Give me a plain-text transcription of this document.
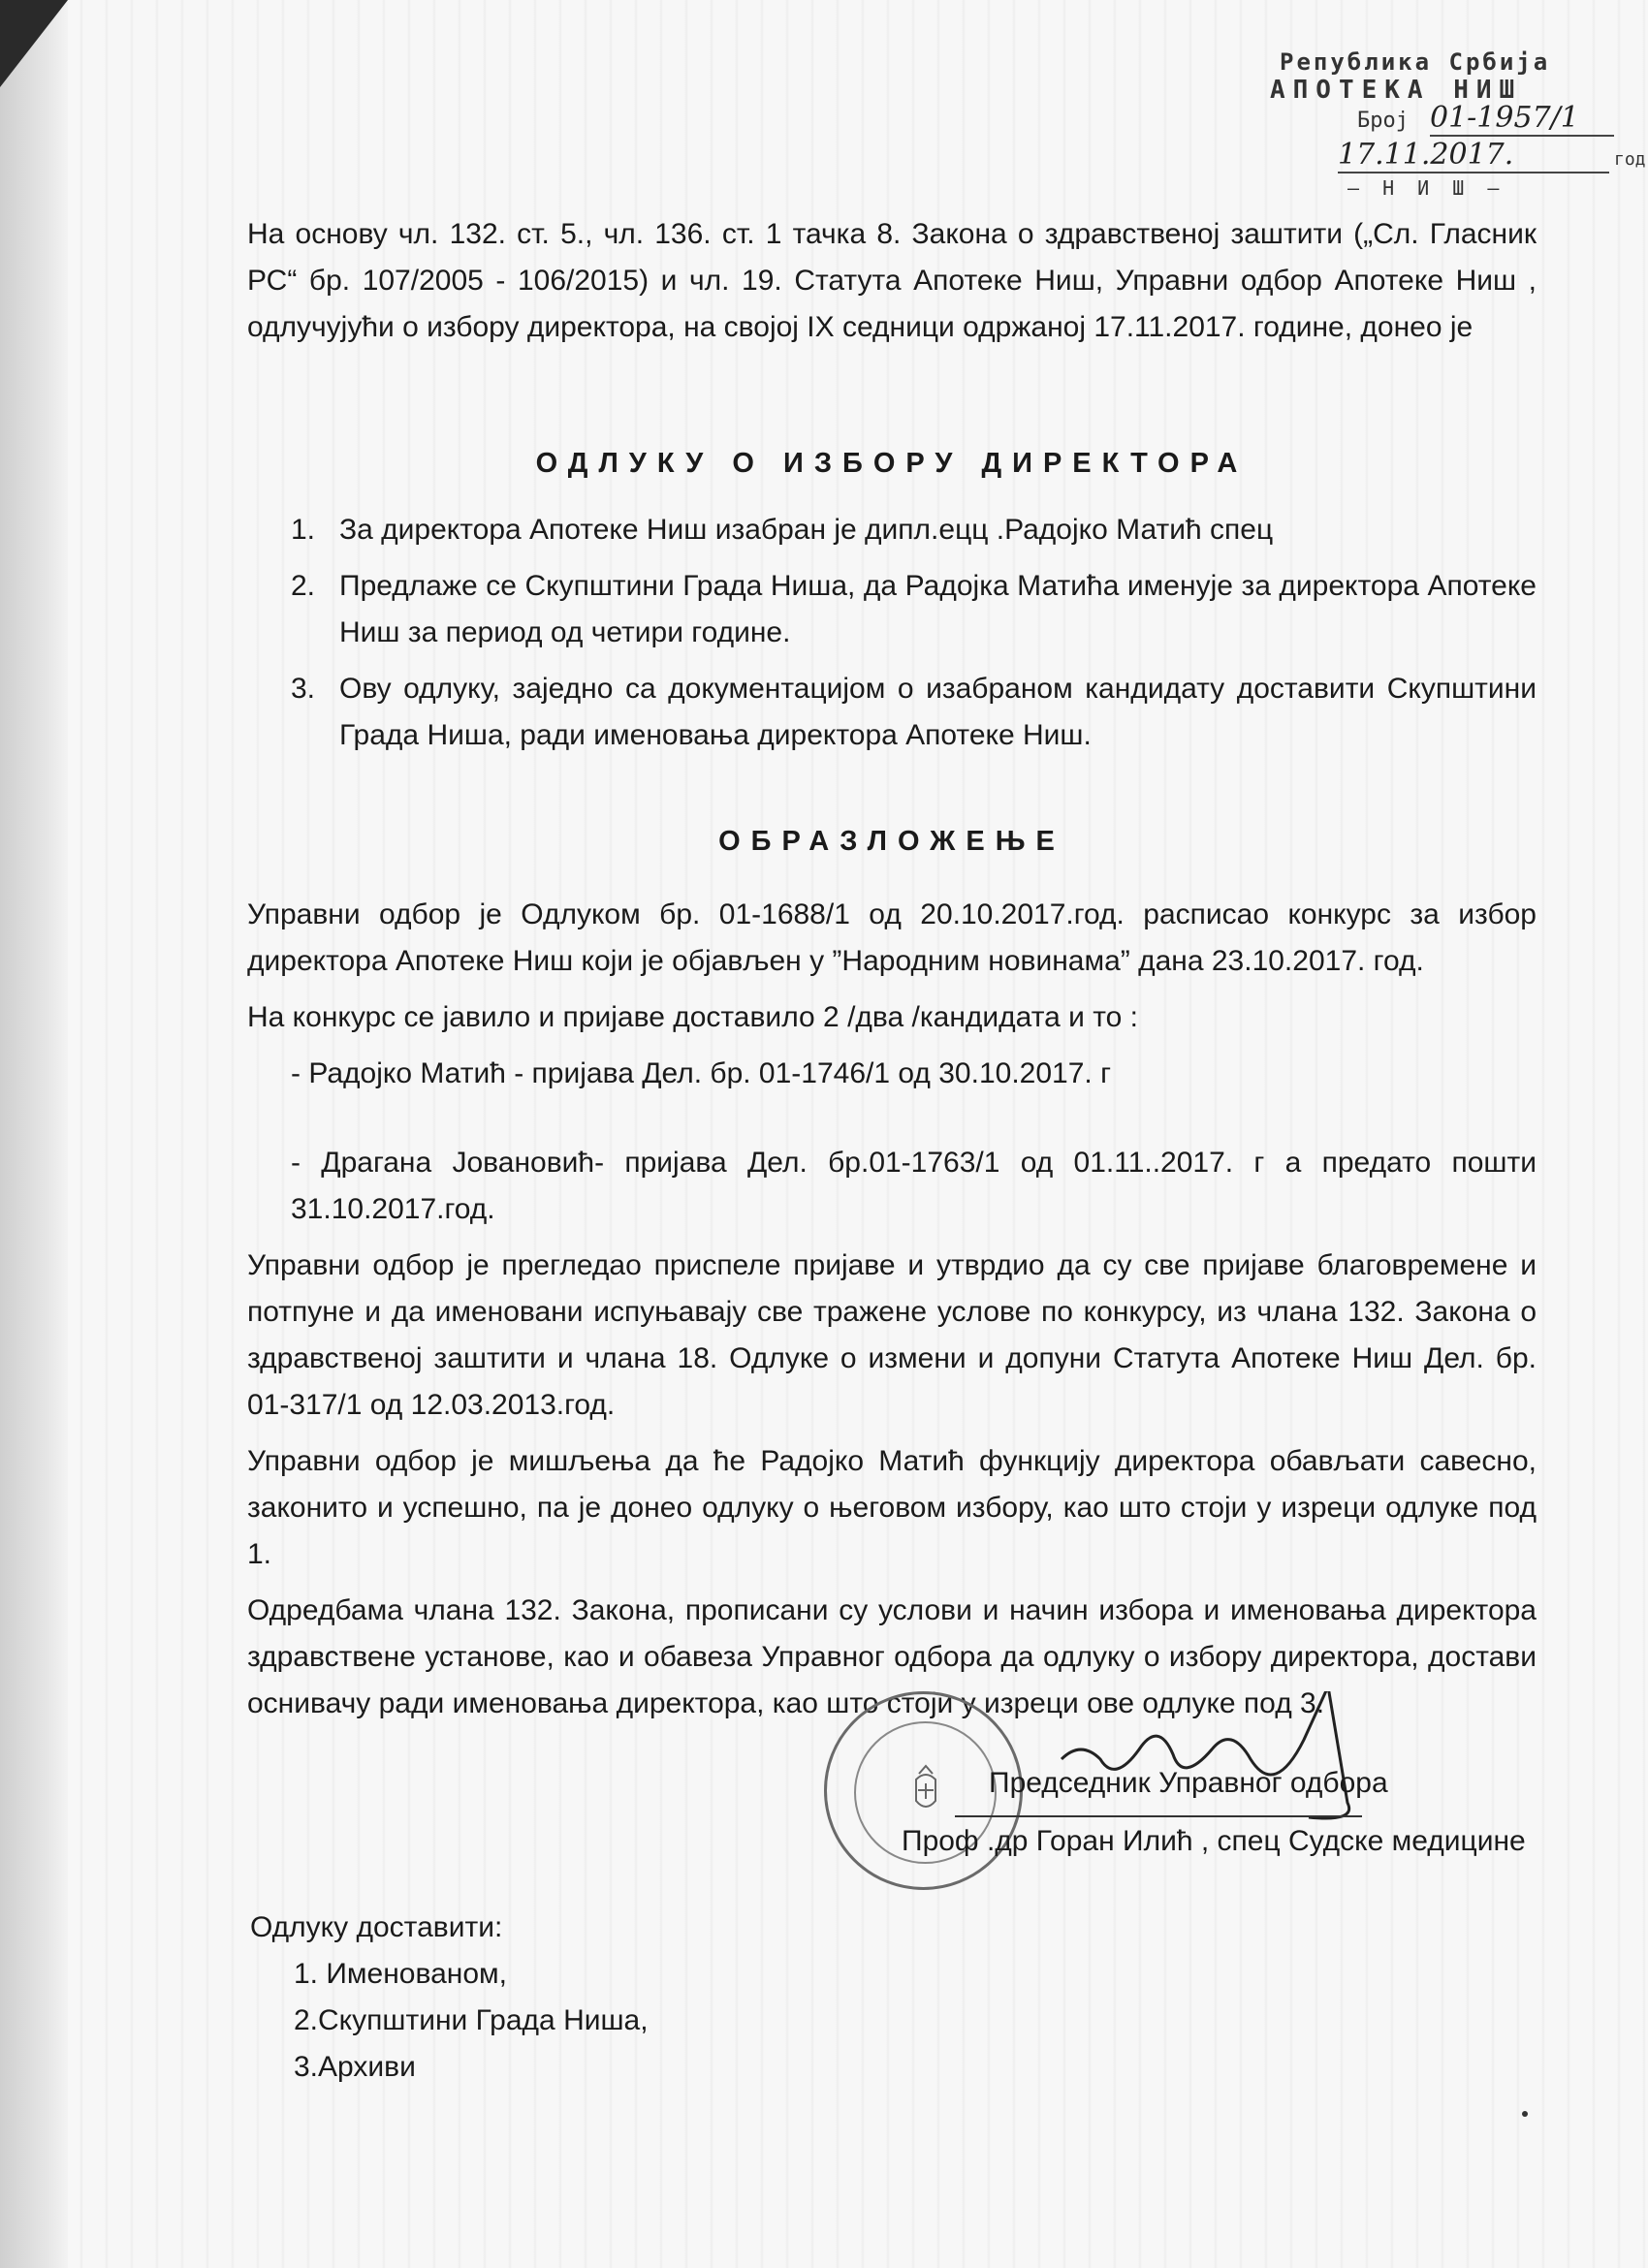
Република Србија
АПОТЕКА НИШ
Број 01-1957/1
17.11.2017.	год
— Н И Ш —
На основу чл. 132. ст. 5., чл. 136. ст. 1 тачка 8. Закона о здравственој заштити („Сл. Гласник РС“ бр. 107/2005 - 106/2015) и чл. 19. Статута Апотеке Ниш, Управни одбор Апотеке Ниш , одлучујући о избору директора, на својој IX седници одржаној 17.11.2017. године, донео је
ОДЛУКУ О ИЗБОРУ ДИРЕКТОРА
1. За директора Апотеке Ниш изабран је дипл.ецц .Радојко Матић спец
2. Предлаже се Скупштини Града Ниша, да Радојка Матића именује за директора Апотеке Ниш за период од четири године.
3. Ову одлуку, заједно са документацијом о изабраном кандидату доставити Скупштини Града Ниша, ради именовања директора Апотеке Ниш.
ОБРАЗЛОЖЕЊЕ

Управни одбор је Одлуком бр. 01-1688/1 од 20.10.2017.год. расписао конкурс за избор директора Апотеке Ниш који је објављен у ”Народним новинама” дана 23.10.2017. год.

На конкурс се јавило и пријаве доставило 2 /два /кандидата и то :

- Радојко Матић - пријава Дел. бр. 01-1746/1 од 30.10.2017. г

- Драгана Јовановић- пријава Дел. бр.01-1763/1 од 01.11..2017. г а предато пошти 31.10.2017.год.

Управни одбор је прегледао приспеле пријаве и утврдио да су све пријаве благовремене и потпуне и да именовани испуњавају све тражене услове по конкурсу, из члана 132. Закона о здравственој заштити и члана 18. Одлуке о измени и допуни Статута Апотеке Ниш Дел. бр. 01-317/1 од 12.03.2013.год.

Управни одбор је мишљења да ће Радојко Матић функцију директора обављати савесно, законито и успешно, па је донео одлуку о његовом избору, као што стоји у изреци одлуке под 1.

Одредбама члана 132. Закона, прописани су услови и начин избора и именовања директора здравствене установе, као и обавеза Управног одбора да одлуку о избору директора, достави оснивачу ради именовања директора, као што стоји у изреци ове одлуке под 3.

Председник Управног одбора
Проф .др Горан Илић , спец Судске медицине
Одлуку доставити:
1. Именованом,
2.Скупштини Града Ниша,
3.Архиви
